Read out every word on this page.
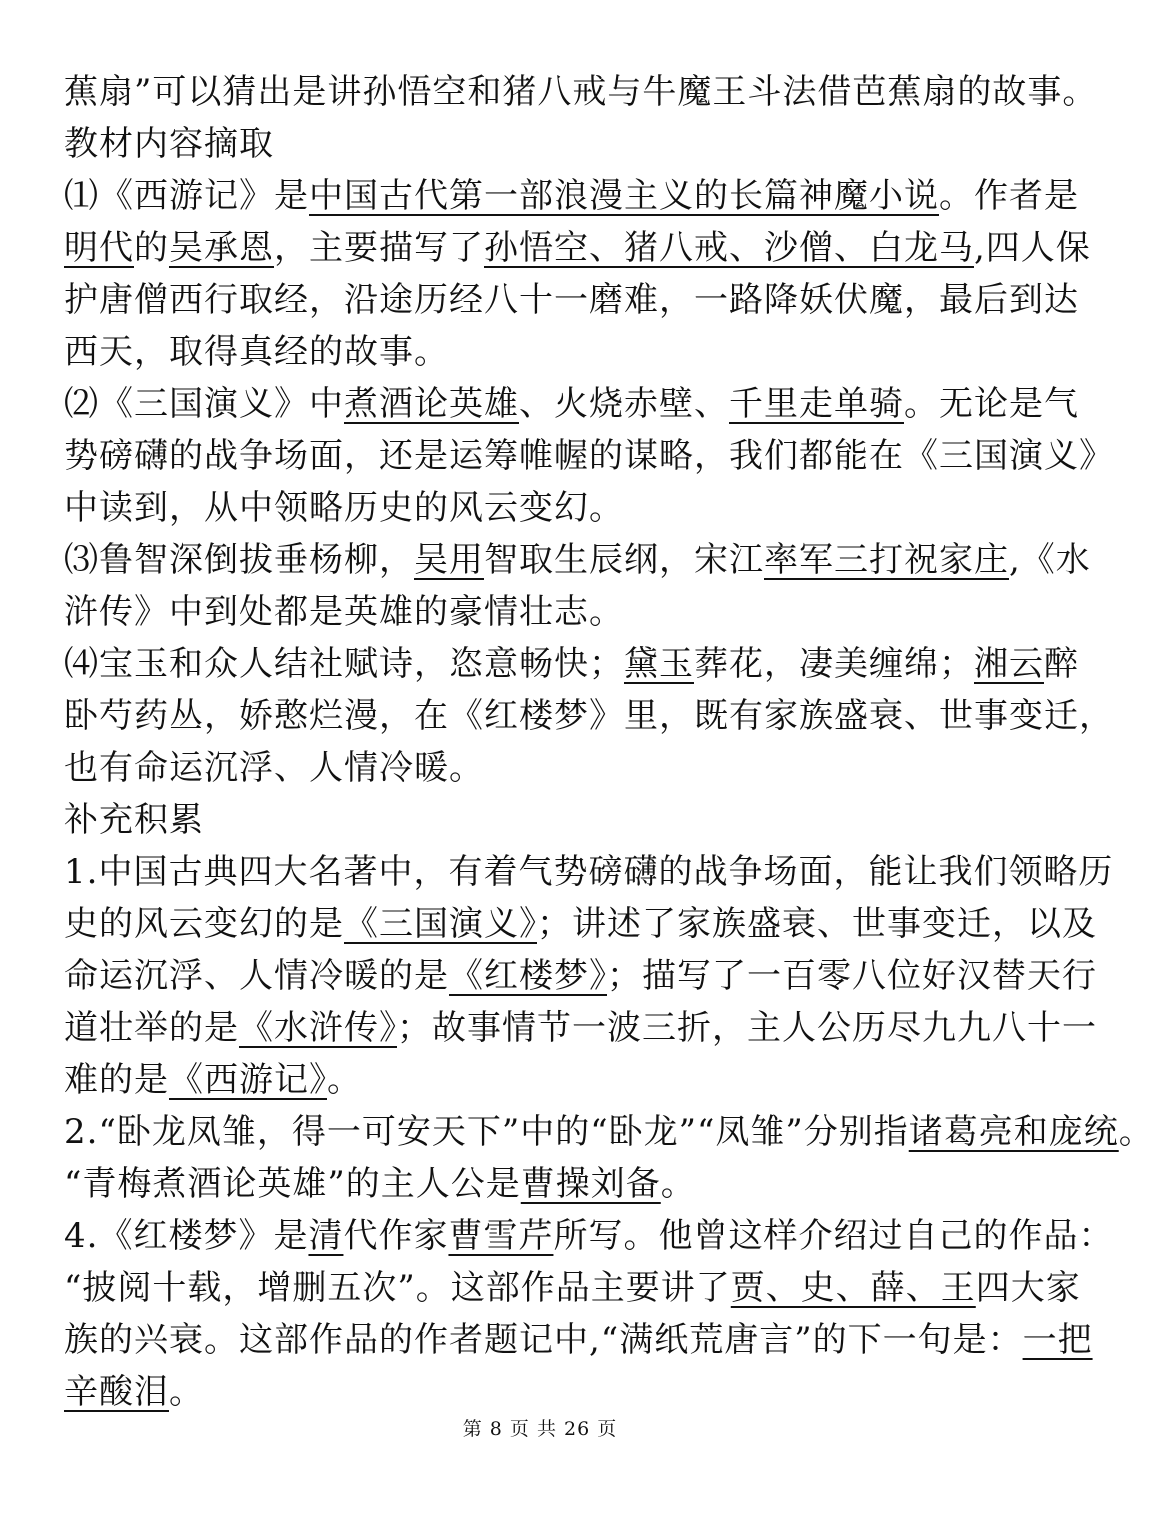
蕉扇”可以猜出是讲孙悟空和猪八戒与牛魔王斗法借芭蕉扇的故事。
教材内容摘取
⑴《西游记》是中国古代第一部浪漫主义的长篇神魔小说。作者是
明代的吴承恩，主要描写了孙悟空、猪八戒、沙僧、白龙马,四人保
护唐僧西行取经，沿途历经八十一磨难，一路降妖伏魔，最后到达
西天，取得真经的故事。
⑵《三国演义》中煮酒论英雄、火烧赤壁、千里走单骑。无论是气
势磅礴的战争场面，还是运筹帷幄的谋略，我们都能在《三国演义》
中读到，从中领略历史的风云变幻。
⑶鲁智深倒拔垂杨柳，吴用智取生辰纲，宋江率军三打祝家庄,《水
浒传》中到处都是英雄的豪情壮志。
⑷宝玉和众人结社赋诗，恣意畅快；黛玉葬花，凄美缠绵；湘云醉
卧芍药丛，娇憨烂漫，在《红楼梦》里，既有家族盛衰、世事变迁，
也有命运沉浮、人情冷暖。
补充积累
1.中国古典四大名著中，有着气势磅礴的战争场面，能让我们领略历
史的风云变幻的是《三国演义》；讲述了家族盛衰、世事变迁，以及
命运沉浮、人情冷暖的是《红楼梦》；描写了一百零八位好汉替天行
道壮举的是《水浒传》；故事情节一波三折，主人公历尽九九八十一
难的是《西游记》。
2.“卧龙凤雏，得一可安天下”中的“卧龙”“凤雏”分别指诸葛亮和庞统。
“青梅煮酒论英雄”的主人公是曹操刘备。
4.《红楼梦》是清代作家曹雪芹所写。他曾这样介绍过自己的作品：
“披阅十载，增删五次”。这部作品主要讲了贾、史、薛、王四大家
族的兴衰。这部作品的作者题记中,“满纸荒唐言”的下一句是：一把
辛酸泪。
第 8 页 共 26 页
